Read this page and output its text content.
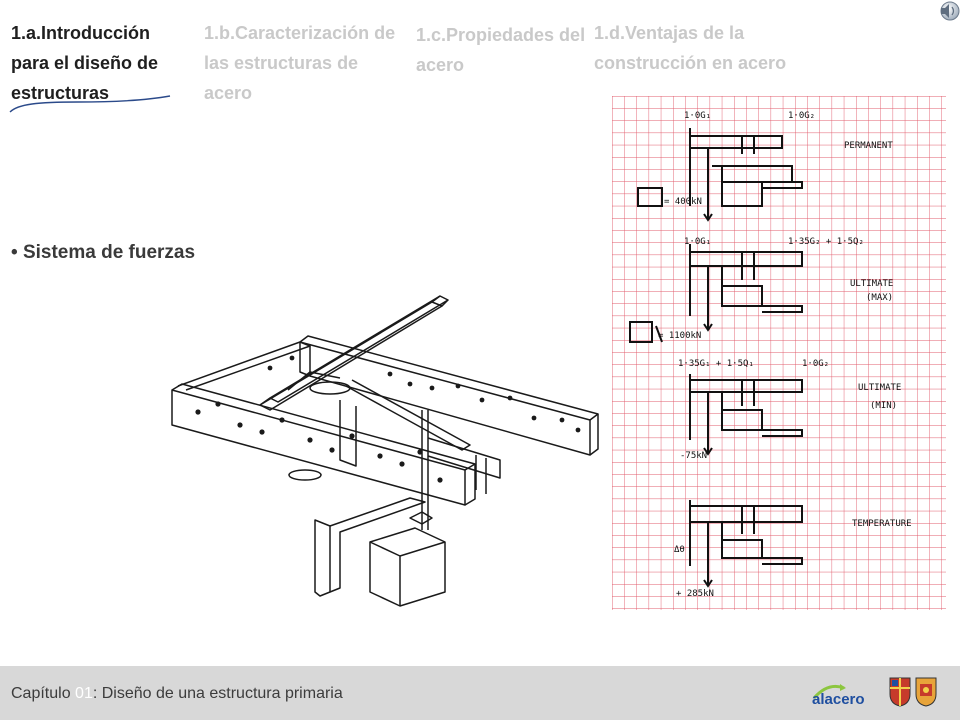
1.a.Introducción para el diseño de estructuras
1.b.Caracterización de las estructuras de acero
1.c.Propiedades del acero
1.d.Ventajas de la construcción en acero
• Sistema de fuerzas
1·0G₁	1·0G₂
PERMANENT
= 400kN
1·0G₁	1·35G₂ + 1·5Q₂
ULTIMATE
(MAX)
= 1100kN
1·35G₁ + 1·5Q₁	1·0G₂
ULTIMATE
(MIN)
-75kN
TEMPERATURE
Δθ
+ 285kN
Capítulo 01: Diseño de una estructura primaria	alacero
